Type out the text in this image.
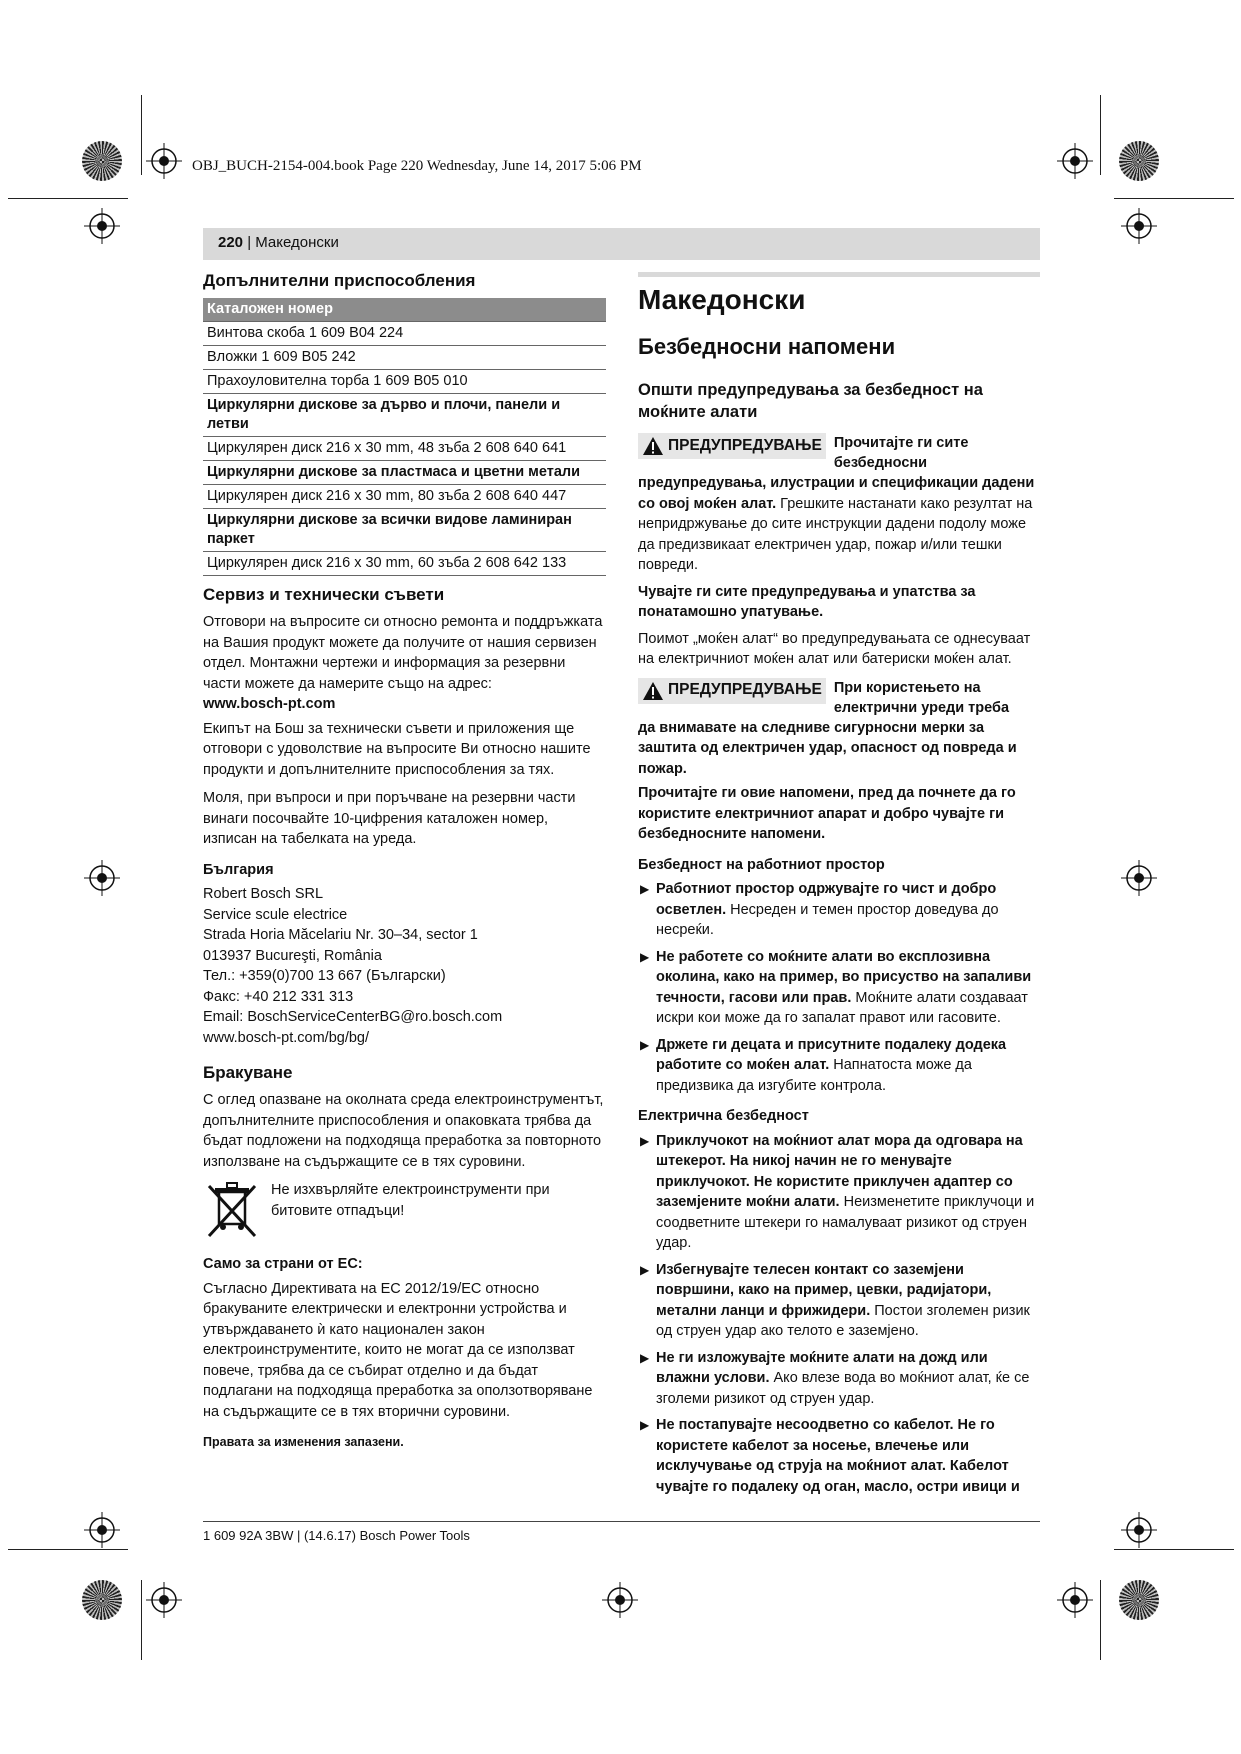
OBJ_BUCH-2154-004.book Page 220 Wednesday, June 14, 2017 5:06 PM
220 | Македонски
Допълнителни приспособления
Каталожен номер
Винтова скоба 1 609 B04 224
Вложки 1 609 B05 242
Прахоуловителна торба 1 609 B05 010
Циркулярни дискове за дърво и плочи, панели и летви
Циркулярен диск 216 x 30 mm, 48 зъба 2 608 640 641
Циркулярни дискове за пластмаса и цветни метали
Циркулярен диск 216 x 30 mm, 80 зъба 2 608 640 447
Циркулярни дискове за всички видове ламиниран паркет
Циркулярен диск 216 x 30 mm, 60 зъба 2 608 642 133
Сервиз и технически съвети

Отговори на въпросите си относно ремонта и поддръжката на Вашия продукт можете да получите от нашия сервизен отдел. Монтажни чертежи и информация за резервни части можете да намерите също на адрес:
www.bosch-pt.com

Екипът на Бош за технически съвети и приложения ще отговори с удоволствие на въпросите Ви относно нашите продукти и допълнителните приспособления за тях.

Моля, при въпроси и при поръчване на резервни части винаги посочвайте 10-цифрения каталожен номер, изписан на табелката на уреда.

България

Robert Bosch SRL
Service scule electrice
Strada Horia Măcelariu Nr. 30–34, sector 1
013937 Bucureşti, România
Тел.: +359(0)700 13 667 (Български)
Факс: +40 212 331 313
Email: BoschServiceCenterBG@ro.bosch.com
www.bosch-pt.com/bg/bg/
Бракуване

С оглед опазване на околната среда електроинструментът, допълнителните приспособления и опаковката трябва да бъдат подложени на подходяща преработка за повторното използване на съдържащите се в тях суровини.

Не изхвърляйте електроинструменти при битовите отпадъци!

Само за страни от ЕС:

Съгласно Директивата на ЕС 2012/19/ЕС относно бракуваните електрически и електронни устройства и утвърждаването ѝ като национален закон електроинструментите, които не могат да се използват повече, трябва да се събират отделно и да бъдат подлагани на подходяща преработка за оползотворяване на съдържащите се в тях вторични суровини.

Правата за изменения запазени.

Македонски
Безбедносни напомени
Општи предупредувања за безбедност на моќните алати
ПРЕДУПРЕДУВАЊЕ Прочитајте ги сите безбедносни

предупредувања, илустрации и спецификации дадени со овој моќен алат. Грешките настанати како резултат на непридржување до сите инструкции дадени подолу може да предизвикаат електричен удар, пожар и/или тешки повреди.

Чувајте ги сите предупредувања и упатства за понатамошно упатување.

Поимот „моќен алат“ во предупредувањата се однесуваат на електричниот моќен алат или батериски моќен алат.

ПРЕДУПРЕДУВАЊЕ При користењето на електрични уреди треба

да внимавате на следниве сигурносни мерки за заштита од електричен удар, опасност од повреда и пожар.

Прочитајте ги овие напомени, пред да почнете да го користите електричниот апарат и добро чувајте ги безбедносните напомени.

Безбедност на работниот простор
▶ Работниот простор одржувајте го чист и добро осветлен. Несреден и темен простор доведува до несреќи.
▶ Не работете со моќните алати во експлозивна околина, како на пример, во присуство на запаливи течности, гасови или прав. Моќните алати создаваат искри кои може да го запалат правот или гасовите.
▶ Држете ги децата и присутните подалеку додека работите со моќен алат. Напнатоста може да предизвика да изгубите контрола.
Електрична безбедност
▶ Приклучокот на моќниот алат мора да одговара на штекерот. На никој начин не го менувајте приклучокот. Не користите приклучен адаптер со заземјените моќни алати. Неизменетите приклучоци и соодветните штекери го намалуваат ризикот од струен удар.
▶ Избегнувајте телесен контакт со заземјени површини, како на пример, цевки, радијатори, метални ланци и фрижидери. Постои зголемен ризик од струен удар ако телото е заземјено.
▶ Не ги изложувајте моќните алати на дожд или влажни услови. Ако влезе вода во моќниот алат, ќе се зголеми ризикот од струен удар.
▶ Не постапувајте несоодветно со кабелот. Не го користете кабелот за носење, влечење или исклучување од струја на моќниот алат. Кабелот чувајте го подалеку од оган, масло, остри ивици и
1 609 92A 3BW | (14.6.17) Bosch Power Tools
